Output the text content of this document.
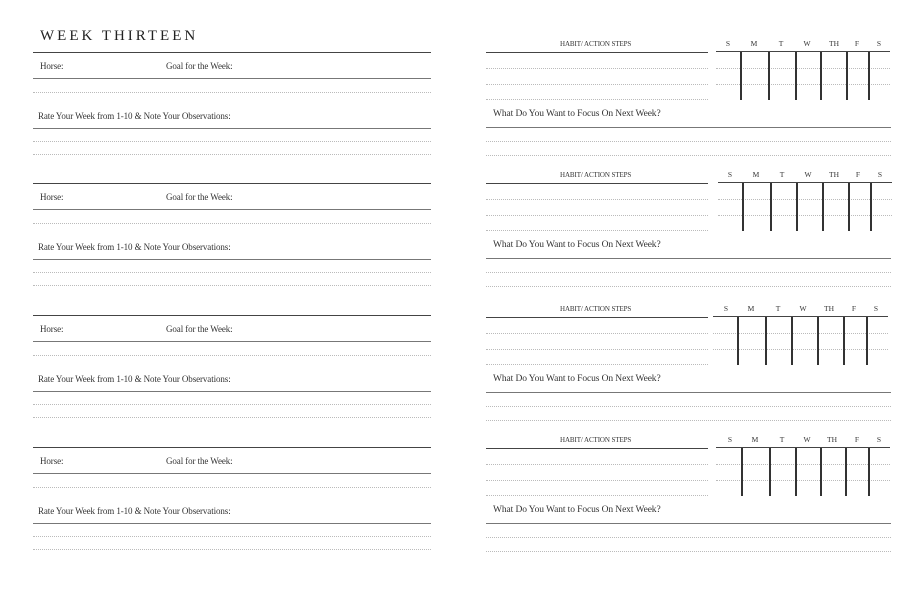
WEEK THIRTEEN
Horse:	Goal for the Week:
Rate Your Week from 1-10 & Note Your Observations:
Horse:	Goal for the Week:
Rate Your Week from 1-10 & Note Your Observations:
Horse:	Goal for the Week:
Rate Your Week from 1-10 & Note Your Observations:
Horse:	Goal for the Week:
Rate Your Week from 1-10 & Note Your Observations:
HABIT/ ACTION STEPS	S	M	T	W	TH	F	S
What Do You Want to Focus On Next Week?
HABIT/ ACTION STEPS	S	M	T	W	TH	F	S
What Do You Want to Focus On Next Week?
HABIT/ ACTION STEPS	S	M	T	W	TH	F	S
What Do You Want to Focus On Next Week?
HABIT/ ACTION STEPS	S	M	T	W	TH	F	S
What Do You Want to Focus On Next Week?
